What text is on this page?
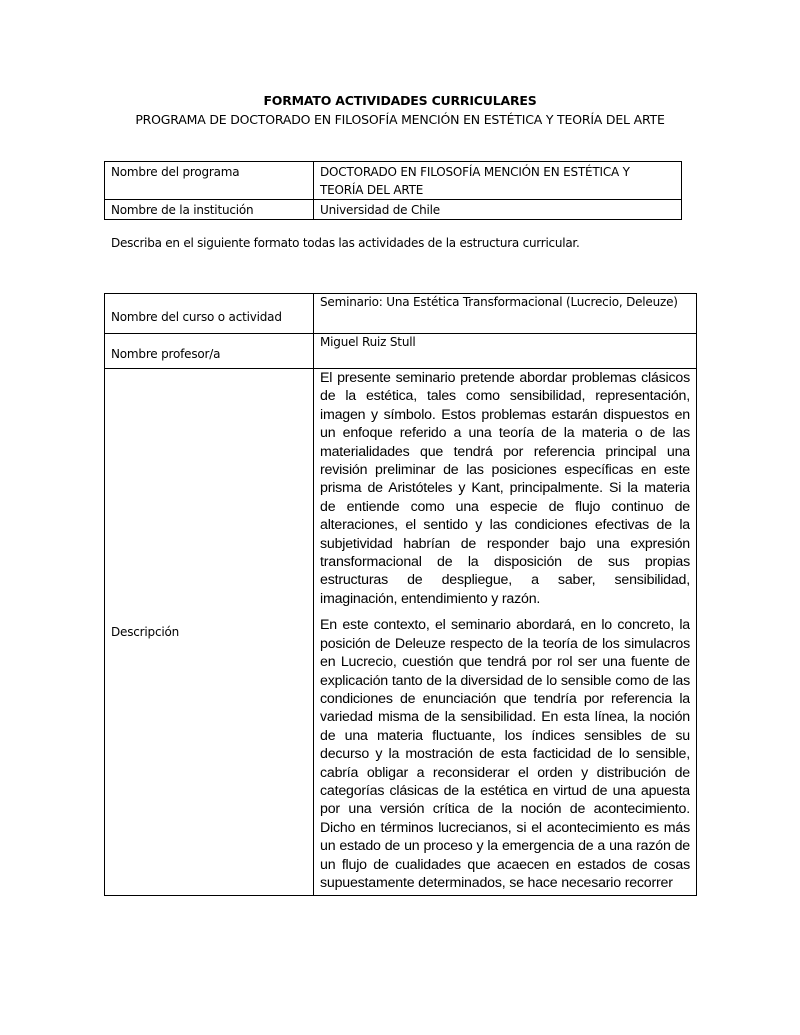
FORMATO ACTIVIDADES CURRICULARES
PROGRAMA DE DOCTORADO EN FILOSOFÍA MENCIÓN EN ESTÉTICA Y TEORÍA DEL ARTE
Nombre del programa	DOCTORADO EN FILOSOFÍA MENCIÓN EN ESTÉTICA Y TEORÍA DEL ARTE
Nombre de la institución	Universidad de Chile
Describa en el siguiente formato todas las actividades de la estructura curricular.
Nombre del curso o actividad	Seminario: Una Estética Transformacional (Lucrecio, Deleuze)
Nombre profesor/a	Miguel Ruiz Stull
Descripción	El presente seminario pretende abordar problemas clásicos de la estética, tales como sensibilidad, representación, imagen y símbolo. Estos problemas estarán dispuestos en un enfoque referido a una teoría de la materia o de las materialidades que tendrá por referencia principal una revisión preliminar de las posiciones específicas en este prisma de Aristóteles y Kant, principalmente. Si la materia de entiende como una especie de flujo continuo de alteraciones, el sentido y las condiciones efectivas de la subjetividad habrían de responder bajo una expresión transformacional de la disposición de sus propias estructuras de despliegue, a saber, sensibilidad, imaginación, entendimiento y razón.

En este contexto, el seminario abordará, en lo concreto, la posición de Deleuze respecto de la teoría de los simulacros en Lucrecio, cuestión que tendrá por rol ser una fuente de explicación tanto de la diversidad de lo sensible como de las condiciones de enunciación que tendría por referencia la variedad misma de la sensibilidad. En esta línea, la noción de una materia fluctuante, los índices sensibles de su decurso y la mostración de esta facticidad de lo sensible, cabría obligar a reconsiderar el orden y distribución de categorías clásicas de la estética en virtud de una apuesta por una versión crítica de la noción de acontecimiento. Dicho en términos lucrecianos, si el acontecimiento es más un estado de un proceso y la emergencia de a una razón de un flujo de cualidades que acaecen en estados de cosas supuestamente determinados, se hace necesario recorrer
